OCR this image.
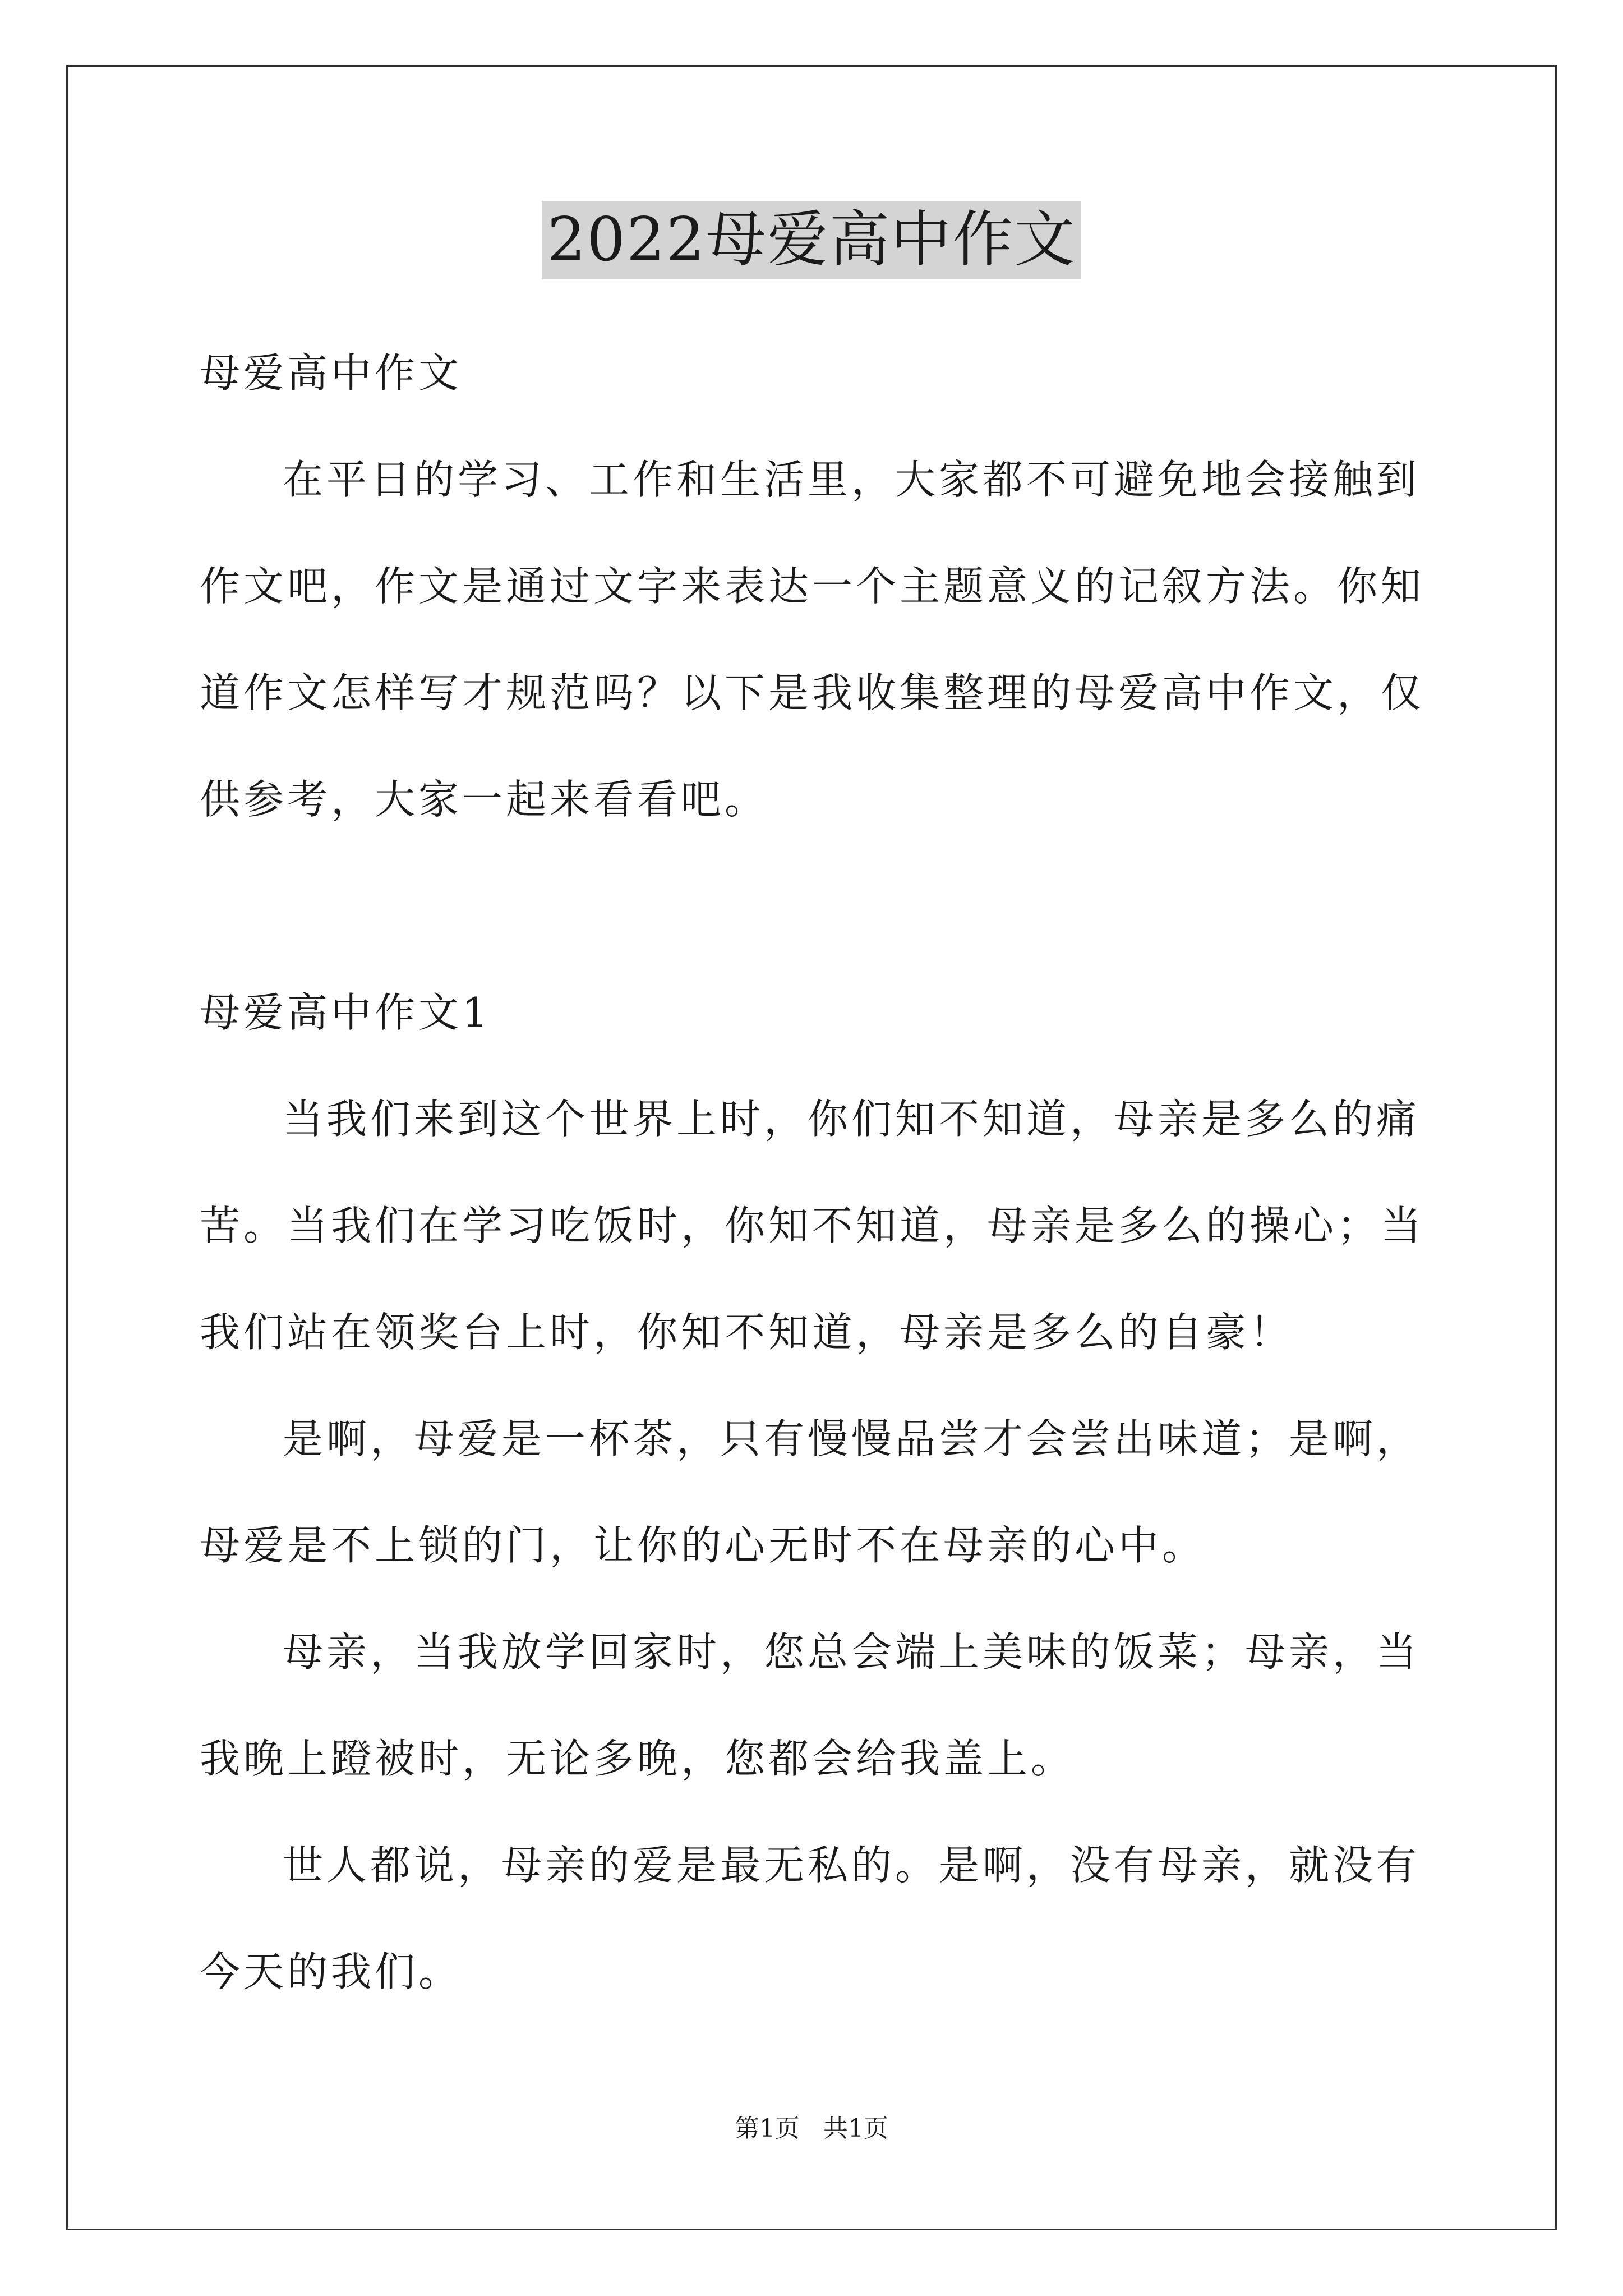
2022母爱高中作文

母爱高中作文

在平日的学习、工作和生活里，大家都不可避免地会接触到作文吧，作文是通过文字来表达一个主题意义的记叙方法。你知道作文怎样写才规范吗？以下是我收集整理的母爱高中作文，仅供参考，大家一起来看看吧。

母爱高中作文1

当我们来到这个世界上时，你们知不知道，母亲是多么的痛苦。当我们在学习吃饭时，你知不知道，母亲是多么的操心；当我们站在领奖台上时，你知不知道，母亲是多么的自豪！

是啊，母爱是一杯茶，只有慢慢品尝才会尝出味道；是啊，母爱是不上锁的门，让你的心无时不在母亲的心中。

母亲，当我放学回家时，您总会端上美味的饭菜；母亲，当我晚上蹬被时，无论多晚，您都会给我盖上。

世人都说，母亲的爱是最无私的。是啊，没有母亲，就没有今天的我们。

第1页 共1页
